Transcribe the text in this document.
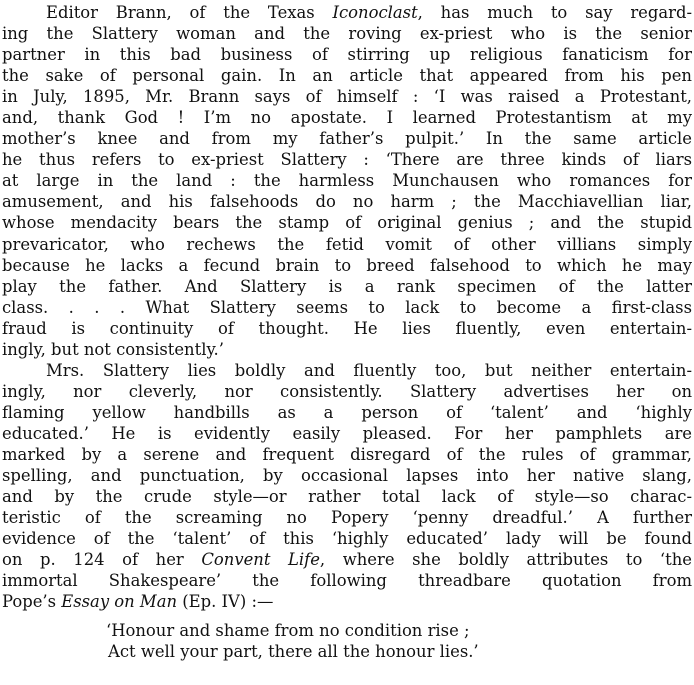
Editor Brann, of the Texas Iconoclast, has much to say regard-
ing the Slattery woman and the roving ex-priest who is the senior
partner in this bad business of stirring up religious fanaticism for
the sake of personal gain. In an article that appeared from his pen
in July, 1895, Mr. Brann says of himself : ‘I was raised a Protestant,
and, thank God ! I’m no apostate. I learned Protestantism at my
mother’s knee and from my father’s pulpit.’ In the same article
he thus refers to ex-priest Slattery : ‘There are three kinds of liars
at large in the land : the harmless Munchausen who romances for
amusement, and his falsehoods do no harm ; the Macchiavellian liar,
whose mendacity bears the stamp of original genius ; and the stupid
prevaricator, who rechews the fetid vomit of other villians simply
because he lacks a fecund brain to breed falsehood to which he may
play the father. And Slattery is a rank specimen of the latter
class. . . . What Slattery seems to lack to become a first-class
fraud is continuity of thought. He lies fluently, even entertain-
ingly, but not consistently.’
Mrs. Slattery lies boldly and fluently too, but neither entertain-
ingly, nor cleverly, nor consistently. Slattery advertises her on
flaming yellow handbills as a person of ‘talent’ and ‘highly
educated.’ He is evidently easily pleased. For her pamphlets are
marked by a serene and frequent disregard of the rules of grammar,
spelling, and punctuation, by occasional lapses into her native slang,
and by the crude style—or rather total lack of style—so charac-
teristic of the screaming no Popery ‘penny dreadful.’ A further
evidence of the ‘talent’ of this ‘highly educated’ lady will be found
on p. 124 of her Convent Life, where she boldly attributes to ‘the
immortal Shakespeare’ the following threadbare quotation from
Pope’s Essay on Man (Ep. IV) :—
‘Honour and shame from no condition rise ;
Act well your part, there all the honour lies.’
